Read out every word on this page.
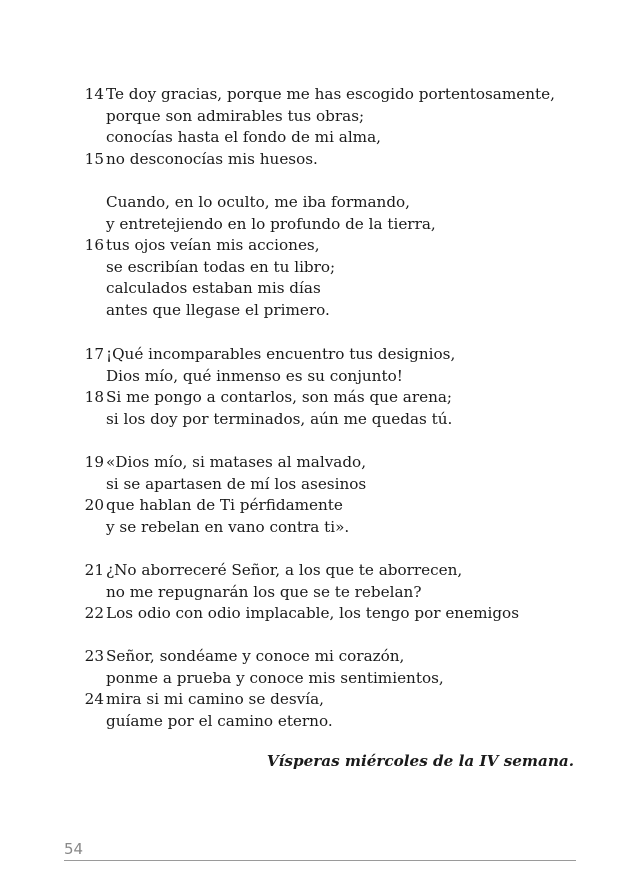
14 Te doy gracias, porque me has escogido portentosamente,
porque son admirables tus obras;
conocías hasta el fondo de mi alma,
15 no desconocías mis huesos.
Cuando, en lo oculto, me iba formando,
y entretejiendo en lo profundo de la tierra,
16 tus ojos veían mis acciones,
se escribían todas en tu libro;
calculados estaban mis días
antes que llegase el primero.
17 ¡Qué incomparables encuentro tus designios,
Dios mío, qué inmenso es su conjunto!
18 Si me pongo a contarlos, son más que arena;
si los doy por terminados, aún me quedas tú.
19 «Dios mío, si matases al malvado,
si se apartasen de mí los asesinos
20 que hablan de Ti pérfidamente
y se rebelan en vano contra ti».
21 ¿No aborreceré Señor, a los que te aborrecen,
no me repugnarán los que se te rebelan?
22 Los odio con odio implacable, los tengo por enemigos
23 Señor, sondéame y conoce mi corazón,
ponme a prueba y conoce mis sentimientos,
24 mira si mi camino se desvía,
guíame por el camino eterno.
Vísperas miércoles de la IV semana.
54
